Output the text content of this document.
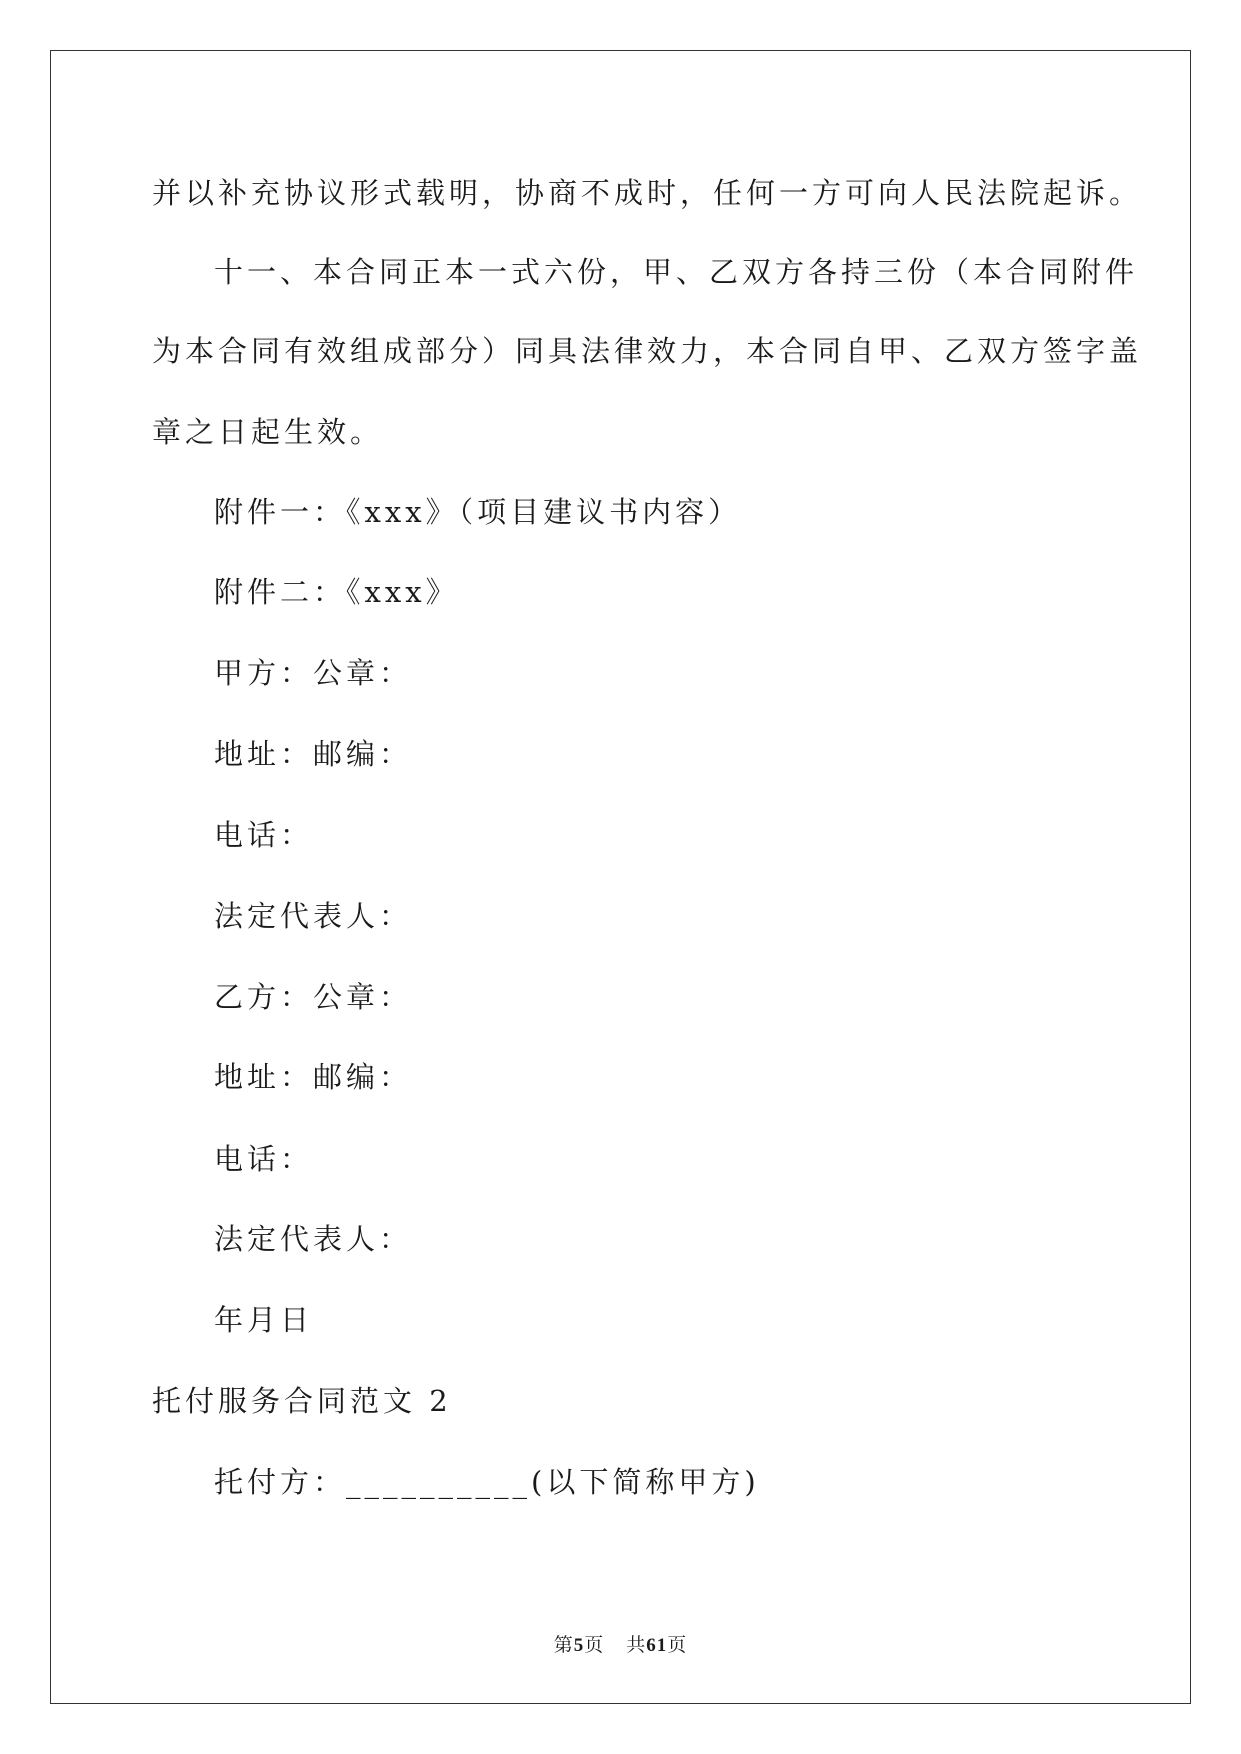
并以补充协议形式载明，协商不成时，任何一方可向人民法院起诉。
十一、本合同正本一式六份，甲、乙双方各持三份（本合同附件
为本合同有效组成部分）同具法律效力，本合同自甲、乙双方签字盖
章之日起生效。
附件一：《xxx》（项目建议书内容）
附件二：《xxx》
甲方：公章：
地址：邮编：
电话：
法定代表人：
乙方：公章：
地址：邮编：
电话：
法定代表人：
年月日
托付服务合同范文 2
托付方：__________(以下简称甲方)
第5页 共61页
